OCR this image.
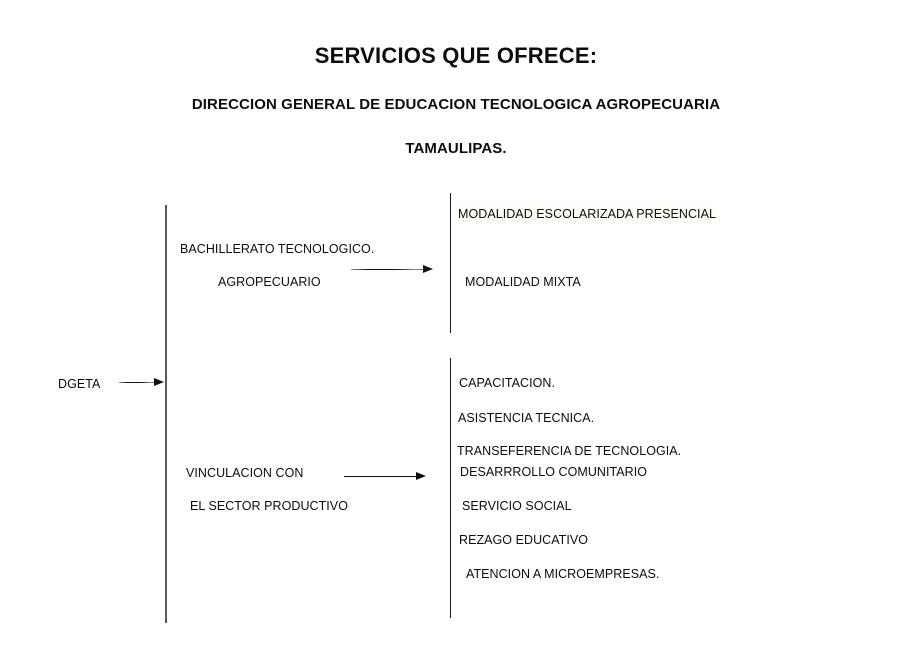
SERVICIOS QUE OFRECE:
DIRECCION GENERAL DE EDUCACION TECNOLOGICA AGROPECUARIA
TAMAULIPAS.
DGETA
BACHILLERATO TECNOLOGICO.
AGROPECUARIO
MODALIDAD ESCOLARIZADA PRESENCIAL
MODALIDAD MIXTA
VINCULACION CON
EL SECTOR PRODUCTIVO
CAPACITACION.
ASISTENCIA TECNICA.
TRANSEFERENCIA DE TECNOLOGIA.
DESARRROLLO COMUNITARIO
SERVICIO SOCIAL
REZAGO EDUCATIVO
ATENCION A MICROEMPRESAS.
